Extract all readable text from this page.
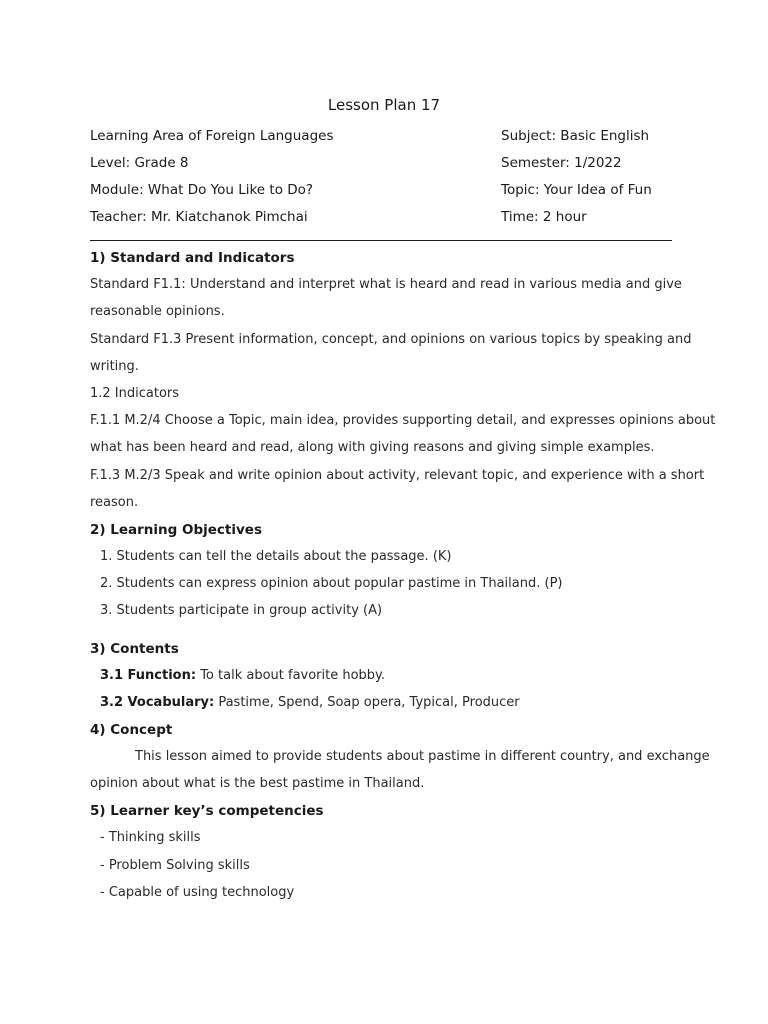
Lesson Plan 17
Learning Area of Foreign Languages	Subject: Basic English
Level: Grade 8	Semester: 1/2022
Module: What Do You Like to Do?	Topic: Your Idea of Fun
Teacher: Mr. Kiatchanok Pimchai	Time: 2 hour
1) Standard and Indicators
Standard F1.1: Understand and interpret what is heard and read in various media and give
reasonable opinions.
Standard F1.3 Present information, concept, and opinions on various topics by speaking and
writing.
1.2 Indicators
F.1.1 M.2/4 Choose a Topic, main idea, provides supporting detail, and expresses opinions about
what has been heard and read, along with giving reasons and giving simple examples.
F.1.3 M.2/3 Speak and write opinion about activity, relevant topic, and experience with a short
reason.
2) Learning Objectives
1. Students can tell the details about the passage. (K)
2. Students can express opinion about popular pastime in Thailand. (P)
3. Students participate in group activity (A)
3) Contents
3.1 Function: To talk about favorite hobby.
3.2 Vocabulary: Pastime, Spend, Soap opera, Typical, Producer
4) Concept
This lesson aimed to provide students about pastime in different country, and exchange
opinion about what is the best pastime in Thailand.
5) Learner key’s competencies
- Thinking skills
- Problem Solving skills
- Capable of using technology
